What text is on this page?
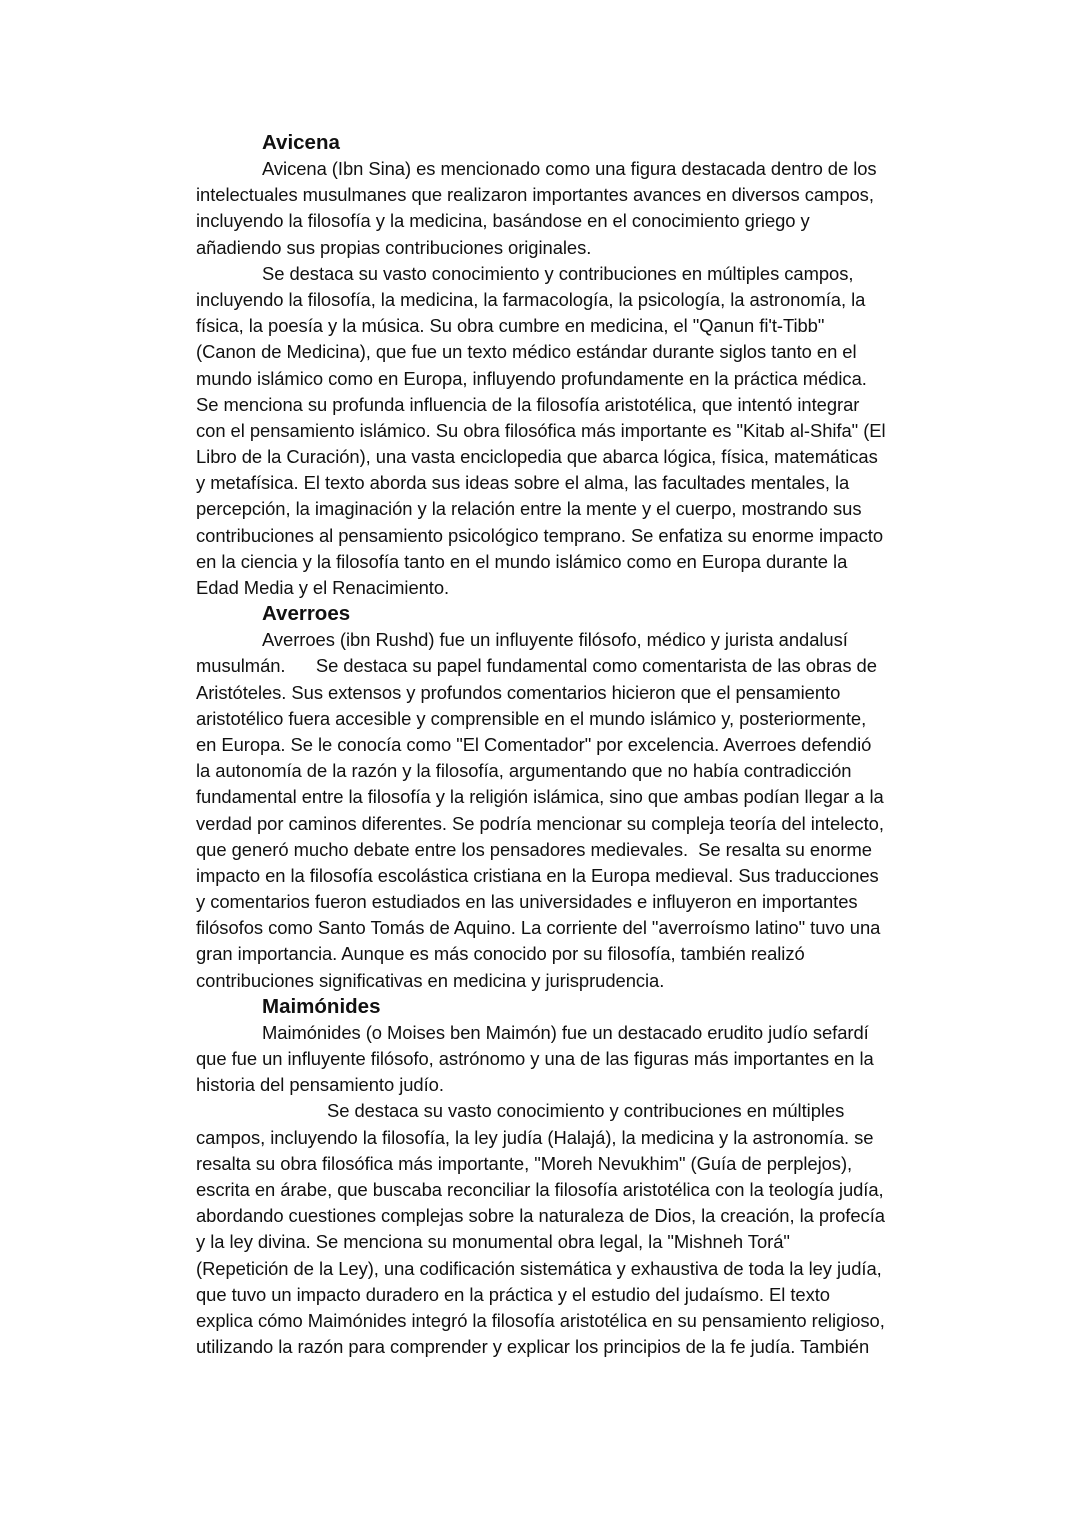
Avicena
Avicena (Ibn Sina) es mencionado como una figura destacada dentro de los
intelectuales musulmanes que realizaron importantes avances en diversos campos,
incluyendo la filosofía y la medicina, basándose en el conocimiento griego y
añadiendo sus propias contribuciones originales.
Se destaca su vasto conocimiento y contribuciones en múltiples campos,
incluyendo la filosofía, la medicina, la farmacología, la psicología, la astronomía, la
física, la poesía y la música. Su obra cumbre en medicina, el "Qanun fi't-Tibb"
(Canon de Medicina), que fue un texto médico estándar durante siglos tanto en el
mundo islámico como en Europa, influyendo profundamente en la práctica médica.
Se menciona su profunda influencia de la filosofía aristotélica, que intentó integrar
con el pensamiento islámico. Su obra filosófica más importante es "Kitab al-Shifa" (El
Libro de la Curación), una vasta enciclopedia que abarca lógica, física, matemáticas
y metafísica. El texto aborda sus ideas sobre el alma, las facultades mentales, la
percepción, la imaginación y la relación entre la mente y el cuerpo, mostrando sus
contribuciones al pensamiento psicológico temprano. Se enfatiza su enorme impacto
en la ciencia y la filosofía tanto en el mundo islámico como en Europa durante la
Edad Media y el Renacimiento.
Averroes
Averroes (ibn Rushd) fue un influyente filósofo, médico y jurista andalusí
musulmán.      Se destaca su papel fundamental como comentarista de las obras de
Aristóteles. Sus extensos y profundos comentarios hicieron que el pensamiento
aristotélico fuera accesible y comprensible en el mundo islámico y, posteriormente,
en Europa. Se le conocía como "El Comentador" por excelencia. Averroes defendió
la autonomía de la razón y la filosofía, argumentando que no había contradicción
fundamental entre la filosofía y la religión islámica, sino que ambas podían llegar a la
verdad por caminos diferentes. Se podría mencionar su compleja teoría del intelecto,
que generó mucho debate entre los pensadores medievales.  Se resalta su enorme
impacto en la filosofía escolástica cristiana en la Europa medieval. Sus traducciones
y comentarios fueron estudiados en las universidades e influyeron en importantes
filósofos como Santo Tomás de Aquino. La corriente del "averroísmo latino" tuvo una
gran importancia. Aunque es más conocido por su filosofía, también realizó
contribuciones significativas en medicina y jurisprudencia.
Maimónides
Maimónides (o Moises ben Maimón) fue un destacado erudito judío sefardí
que fue un influyente filósofo, astrónomo y una de las figuras más importantes en la
historia del pensamiento judío.
Se destaca su vasto conocimiento y contribuciones en múltiples
campos, incluyendo la filosofía, la ley judía (Halajá), la medicina y la astronomía. se
resalta su obra filosófica más importante, "Moreh Nevukhim" (Guía de perplejos),
escrita en árabe, que buscaba reconciliar la filosofía aristotélica con la teología judía,
abordando cuestiones complejas sobre la naturaleza de Dios, la creación, la profecía
y la ley divina. Se menciona su monumental obra legal, la "Mishneh Torá"
(Repetición de la Ley), una codificación sistemática y exhaustiva de toda la ley judía,
que tuvo un impacto duradero en la práctica y el estudio del judaísmo. El texto
explica cómo Maimónides integró la filosofía aristotélica en su pensamiento religioso,
utilizando la razón para comprender y explicar los principios de la fe judía. También
